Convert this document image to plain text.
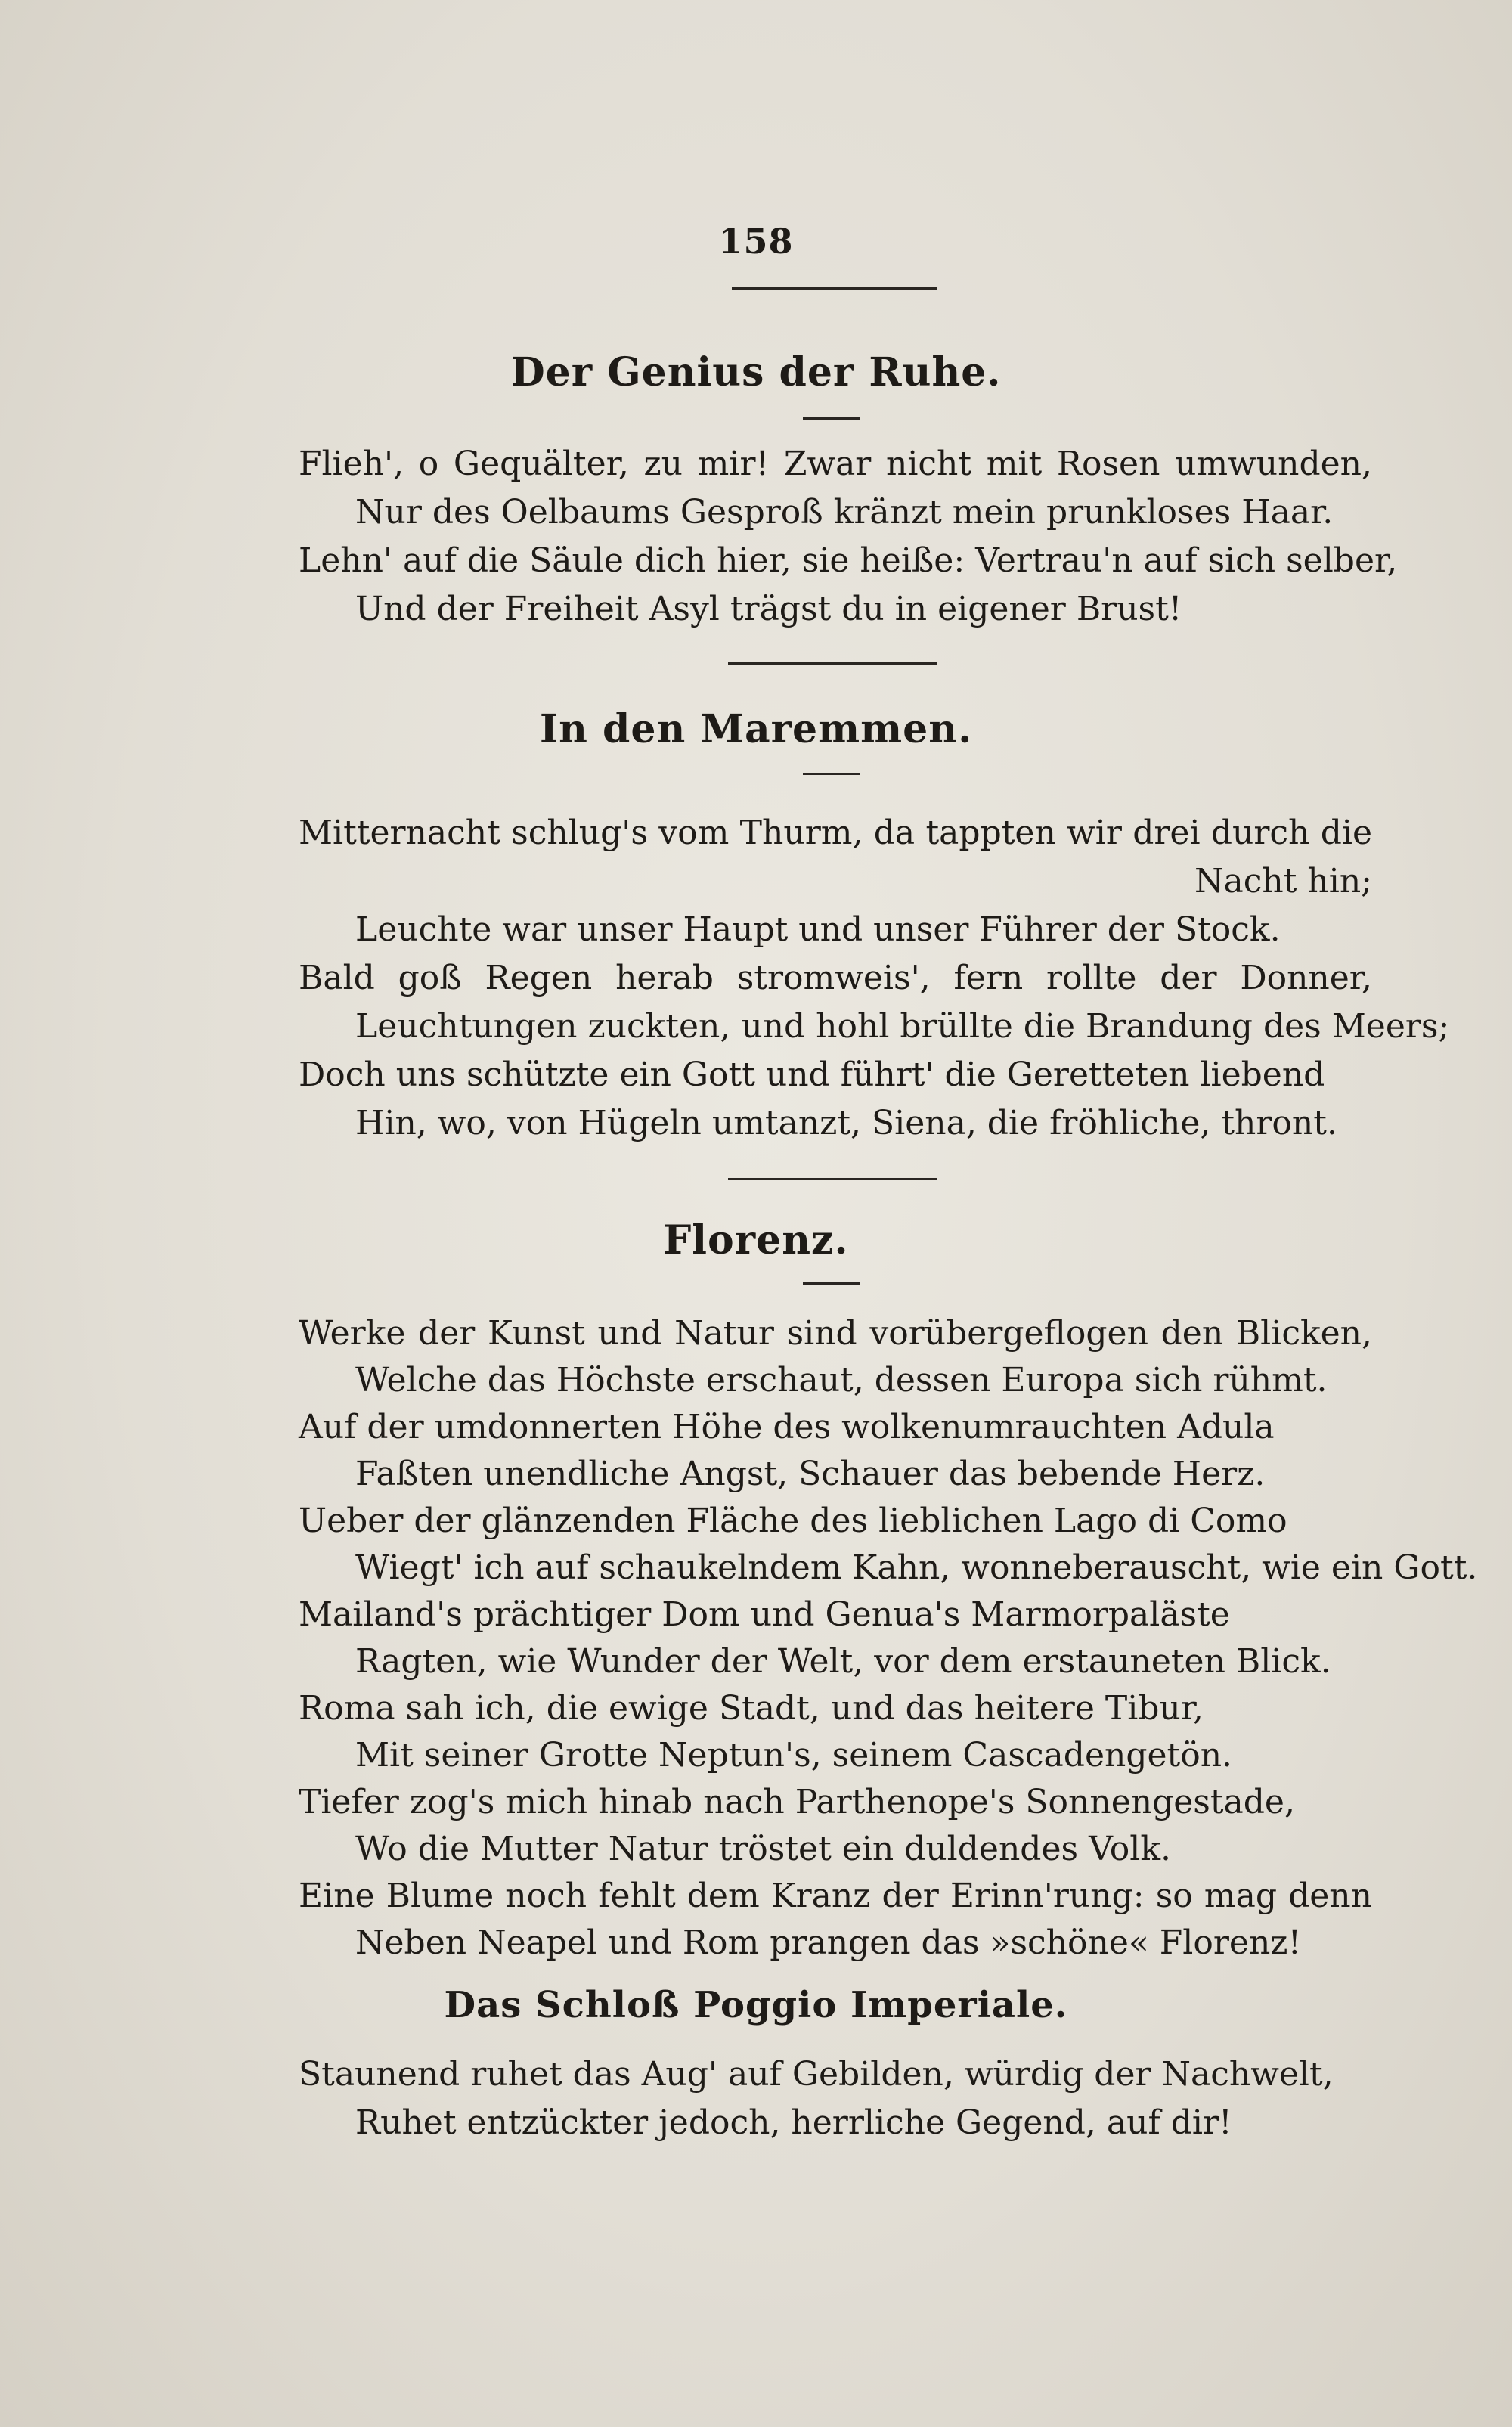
158
Der Genius der Ruhe.
Flieh', o Gequälter, zu mir! Zwar nicht mit Rosen umwunden,
Nur des Oelbaums Gesproß kränzt mein prunkloses Haar.
Lehn' auf die Säule dich hier, sie heiße: Vertrau'n auf sich selber,
Und der Freiheit Asyl trägst du in eigener Brust!
In den Maremmen.
Mitternacht schlug's vom Thurm, da tappten wir drei durch die
Nacht hin;
Leuchte war unser Haupt und unser Führer der Stock.
Bald goß Regen herab stromweis', fern rollte der Donner,
Leuchtungen zuckten, und hohl brüllte die Brandung des Meers;
Doch uns schützte ein Gott und führt' die Geretteten liebend
Hin, wo, von Hügeln umtanzt, Siena, die fröhliche, thront.
Florenz.
Werke der Kunst und Natur sind vorübergeflogen den Blicken,
Welche das Höchste erschaut, dessen Europa sich rühmt.
Auf der umdonnerten Höhe des wolkenumrauchten Adula
Faßten unendliche Angst, Schauer das bebende Herz.
Ueber der glänzenden Fläche des lieblichen Lago di Como
Wiegt' ich auf schaukelndem Kahn, wonneberauscht, wie ein Gott.
Mailand's prächtiger Dom und Genua's Marmorpaläste
Ragten, wie Wunder der Welt, vor dem erstauneten Blick.
Roma sah ich, die ewige Stadt, und das heitere Tibur,
Mit seiner Grotte Neptun's, seinem Cascadengetön.
Tiefer zog's mich hinab nach Parthenope's Sonnengestade,
Wo die Mutter Natur tröstet ein duldendes Volk.
Eine Blume noch fehlt dem Kranz der Erinn'rung: so mag denn
Neben Neapel und Rom prangen das »schöne« Florenz!
Das Schloß Poggio Imperiale.
Staunend ruhet das Aug' auf Gebilden, würdig der Nachwelt,
Ruhet entzückter jedoch, herrliche Gegend, auf dir!
